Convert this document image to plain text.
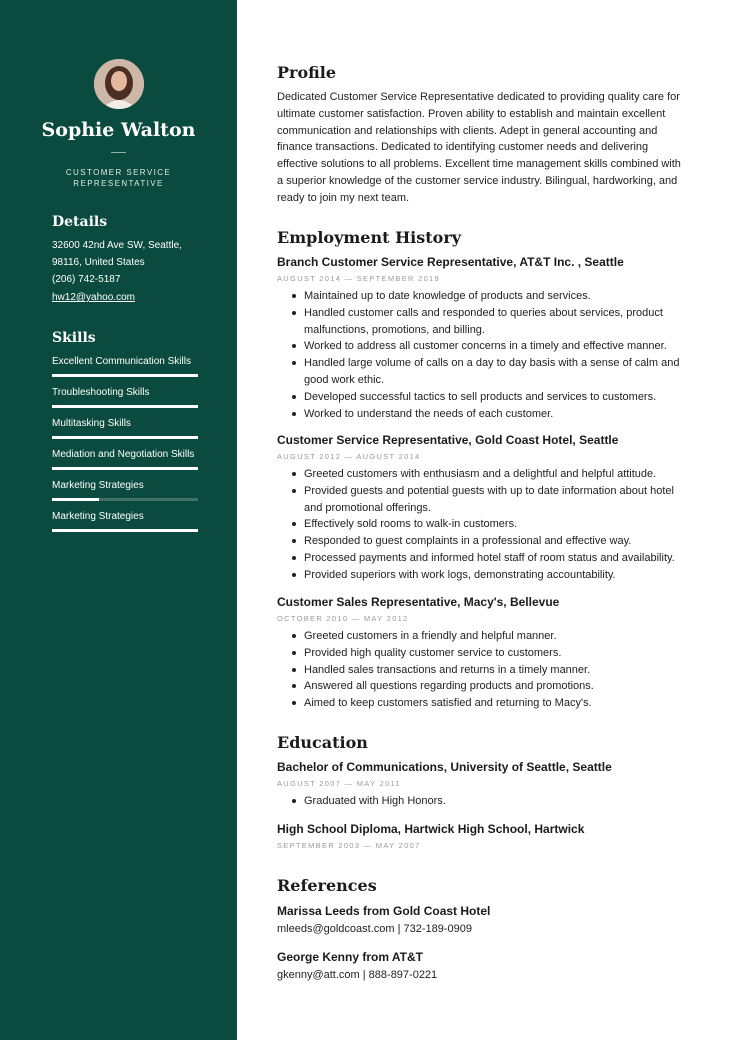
Sophie Walton
CUSTOMER SERVICE REPRESENTATIVE
Details
32600 42nd Ave SW, Seattle,
98116, United States
(206) 742-5187
hw12@yahoo.com
Skills
Excellent Communication Skills
Troubleshooting Skills
Multitasking Skills
Mediation and Negotiation Skills
Marketing Strategies
Marketing Strategies
Profile
Dedicated Customer Service Representative dedicated to providing quality care for ultimate customer satisfaction. Proven ability to establish and maintain excellent communication and relationships with clients. Adept in general accounting and finance transactions. Dedicated to identifying customer needs and delivering effective solutions to all problems. Excellent time management skills combined with a superior knowledge of the customer service industry. Bilingual, hardworking, and ready to join my next team.
Employment History
Branch Customer Service Representative, AT&T Inc. , Seattle
AUGUST 2014 — SEPTEMBER 2019
Maintained up to date knowledge of products and services.
Handled customer calls and responded to queries about services, product malfunctions, promotions, and billing.
Worked to address all customer concerns in a timely and effective manner.
Handled large volume of calls on a day to day basis with a sense of calm and good work ethic.
Developed successful tactics to sell products and services to customers.
Worked to understand the needs of each customer.
Customer Service Representative, Gold Coast Hotel, Seattle
AUGUST 2012 — AUGUST 2014
Greeted customers with enthusiasm and a delightful and helpful attitude.
Provided guests and potential guests with up to date information about hotel and promotional offerings.
Effectively sold rooms to walk-in customers.
Responded to guest complaints in a professional and effective way.
Processed payments and informed hotel staff of room status and availability.
Provided superiors with work logs, demonstrating accountability.
Customer Sales Representative, Macy's, Bellevue
OCTOBER 2010 — MAY 2012
Greeted customers in a friendly and helpful manner.
Provided high quality customer service to customers.
Handled sales transactions and returns in a timely manner.
Answered all questions regarding products and promotions.
Aimed to keep customers satisfied and returning to Macy's.
Education
Bachelor of Communications, University of Seattle, Seattle
AUGUST 2007 — MAY 2011
Graduated with High Honors.
High School Diploma, Hartwick High School, Hartwick
SEPTEMBER 2003 — MAY 2007
References
Marissa Leeds from Gold Coast Hotel
mleeds@goldcoast.com | 732-189-0909
George Kenny from AT&T
gkenny@att.com | 888-897-0221
